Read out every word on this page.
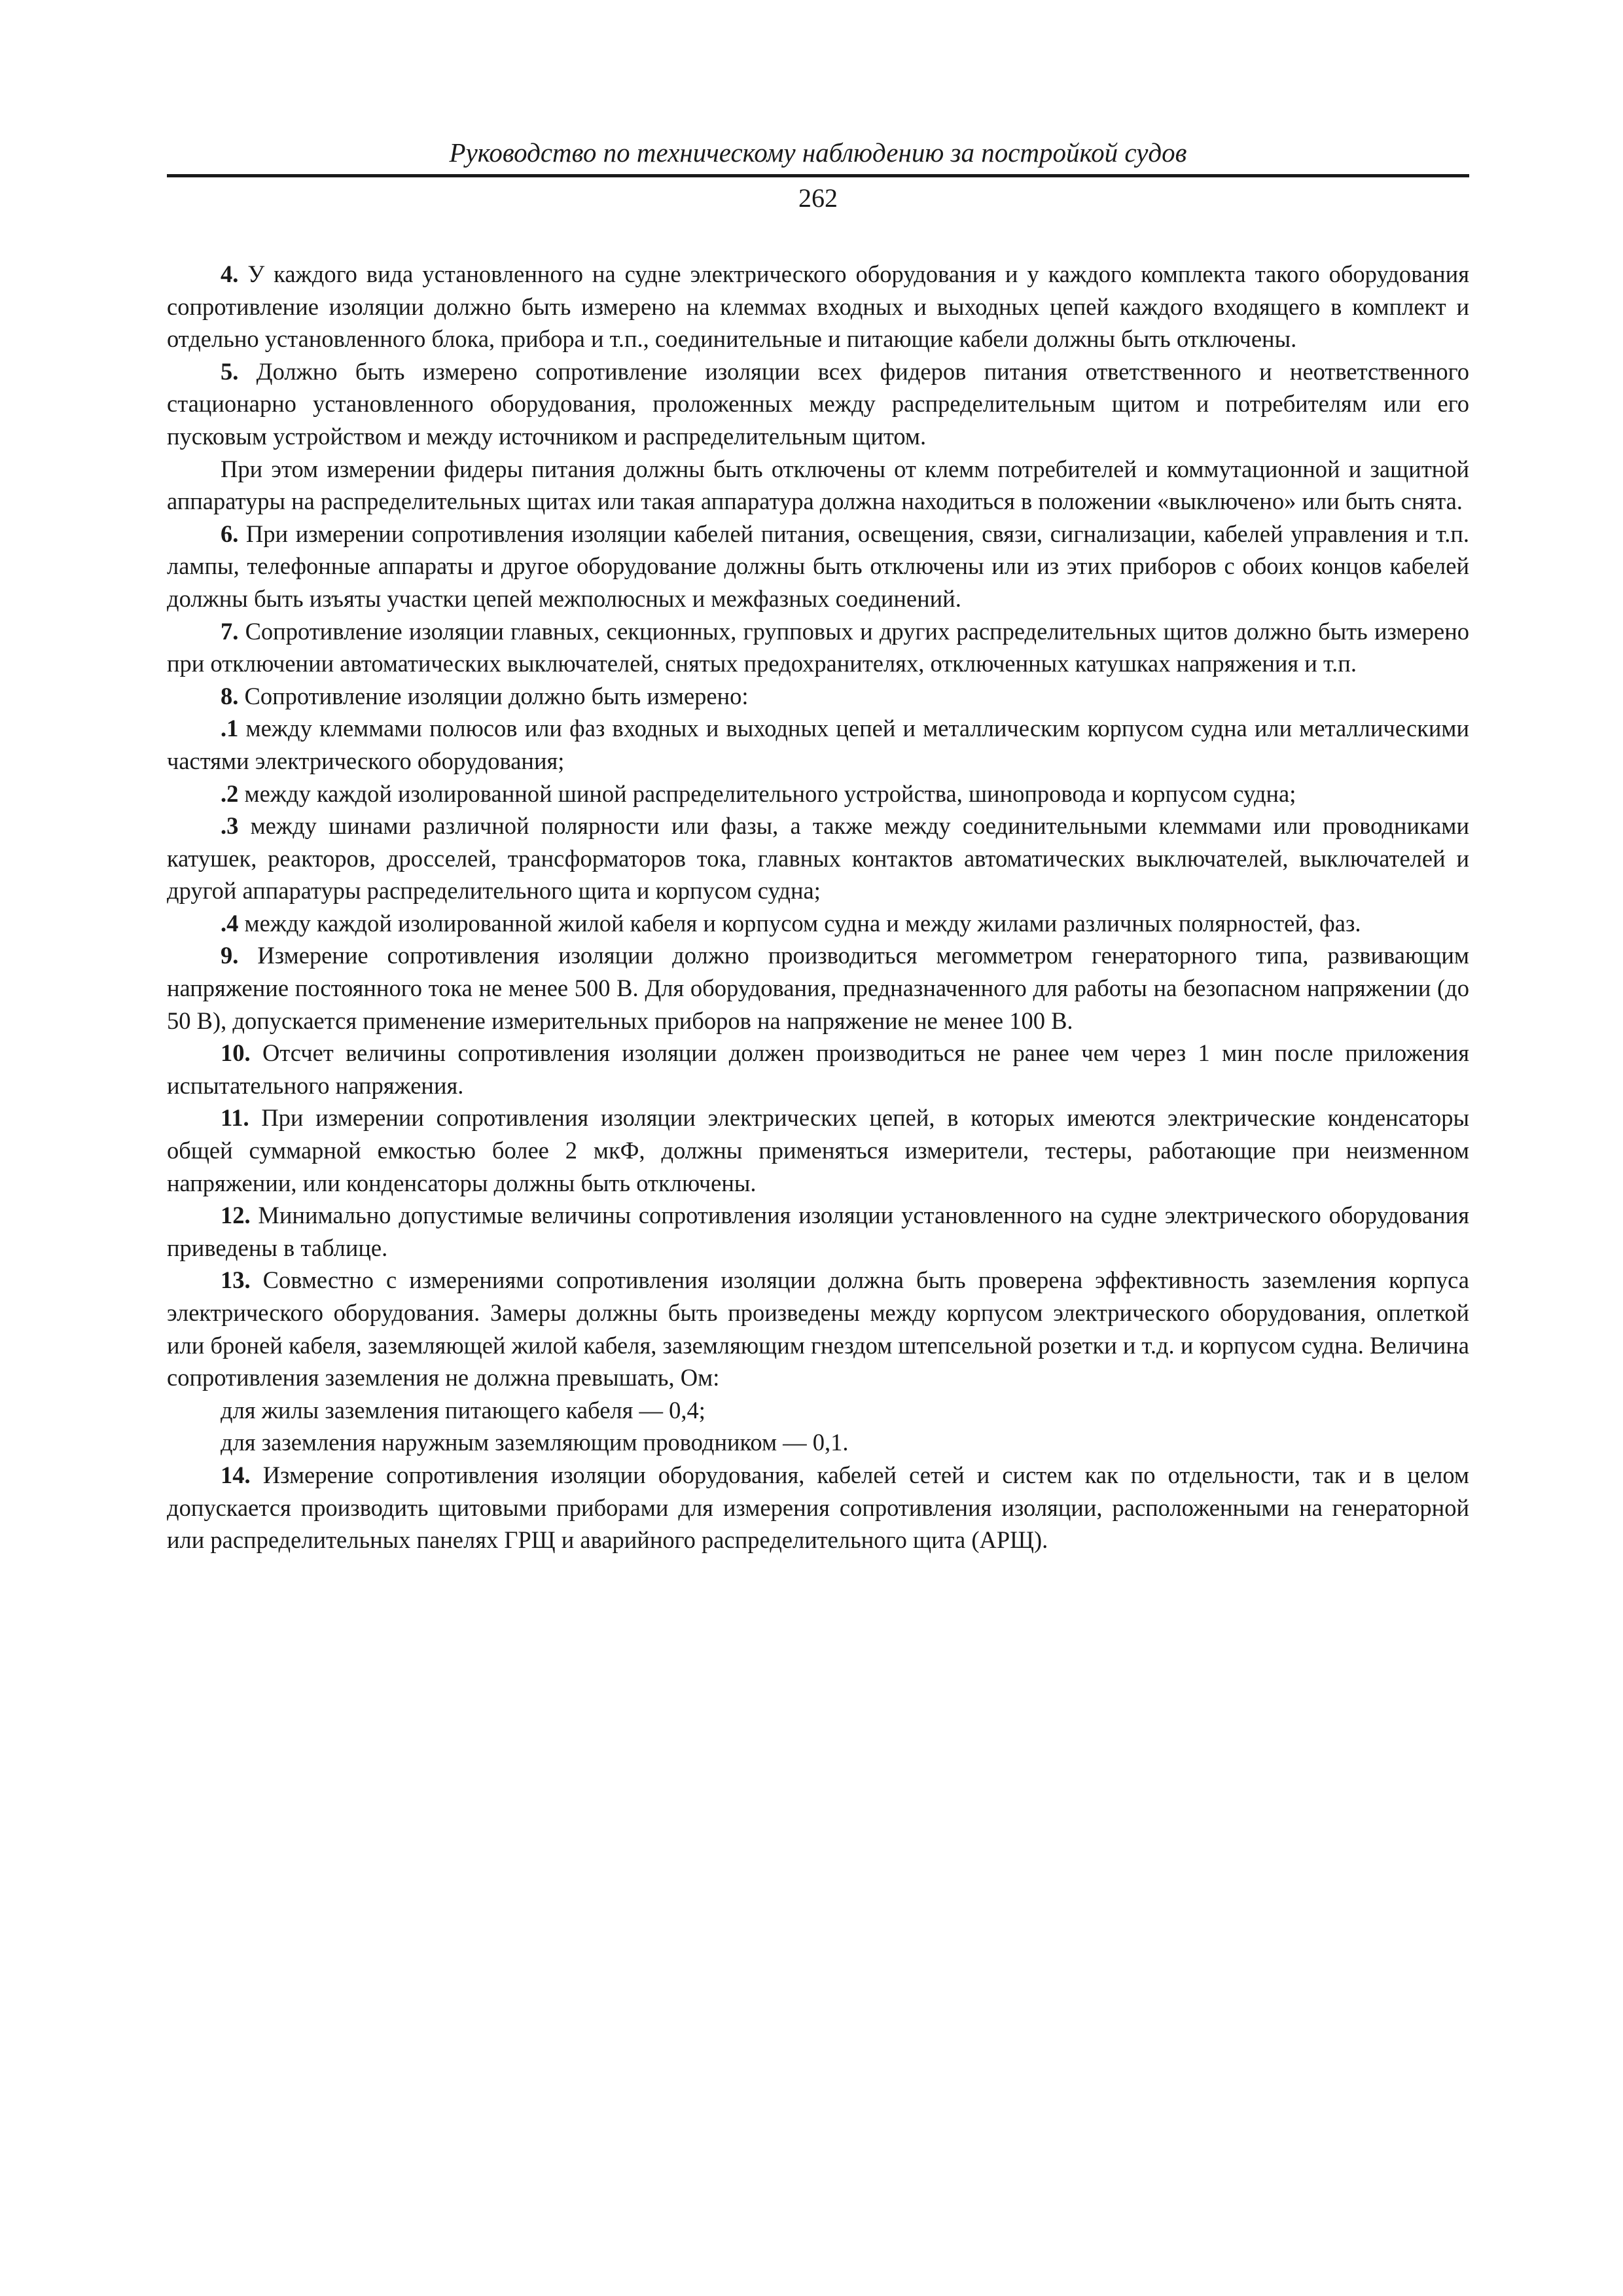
Руководство по техническому наблюдению за постройкой судов
262

4. У каждого вида установленного на судне электрического оборудования и у каждого комплекта такого оборудования сопротивление изоляции должно быть измерено на клеммах входных и выходных цепей каждого входящего в комплект и отдельно установленного блока, прибора и т.п., соединительные и питающие кабели должны быть отключены.

5. Должно быть измерено сопротивление изоляции всех фидеров питания ответственного и неответственного стационарно установленного оборудования, проложенных между распределительным щитом и потребителям или его пусковым устройством и между источником и распределительным щитом.

При этом измерении фидеры питания должны быть отключены от клемм потребителей и коммутационной и защитной аппаратуры на распределительных щитах или такая аппаратура должна находиться в положении «выключено» или быть снята.

6. При измерении сопротивления изоляции кабелей питания, освещения, связи, сигнализации, кабелей управления и т.п. лампы, телефонные аппараты и другое оборудование должны быть отключены или из этих приборов с обоих концов кабелей должны быть изъяты участки цепей межполюсных и межфазных соединений.

7. Сопротивление изоляции главных, секционных, групповых и других распределительных щитов должно быть измерено при отключении автоматических выключателей, снятых предохранителях, отключенных катушках напряжения и т.п.

8. Сопротивление изоляции должно быть измерено:

.1 между клеммами полюсов или фаз входных и выходных цепей и металлическим корпусом судна или металлическими частями электрического оборудования;

.2 между каждой изолированной шиной распределительного устройства, шинопровода и корпусом судна;

.3 между шинами различной полярности или фазы, а также между соединительными клеммами или проводниками катушек, реакторов, дросселей, трансформаторов тока, главных контактов автоматических выключателей, выключателей и другой аппаратуры распределительного щита и корпусом судна;

.4 между каждой изолированной жилой кабеля и корпусом судна и между жилами различных полярностей, фаз.

9. Измерение сопротивления изоляции должно производиться мегомметром генераторного типа, развивающим напряжение постоянного тока не менее 500 В. Для оборудования, предназначенного для работы на безопасном напряжении (до 50 В), допускается применение измерительных приборов на напряжение не менее 100 В.

10. Отсчет величины сопротивления изоляции должен производиться не ранее чем через 1 мин после приложения испытательного напряжения.

11. При измерении сопротивления изоляции электрических цепей, в которых имеются электрические конденсаторы общей суммарной емкостью более 2 мкФ, должны применяться измерители, тестеры, работающие при неизменном напряжении, или конденсаторы должны быть отключены.

12. Минимально допустимые величины сопротивления изоляции установленного на судне электрического оборудования приведены в таблице.

13. Совместно с измерениями сопротивления изоляции должна быть проверена эффективность заземления корпуса электрического оборудования. Замеры должны быть произведены между корпусом электрического оборудования, оплеткой или броней кабеля, заземляющей жилой кабеля, заземляющим гнездом штепсельной розетки и т.д. и корпусом судна. Величина сопротивления заземления не должна превышать, Ом:

для жилы заземления питающего кабеля — 0,4;

для заземления наружным заземляющим проводником — 0,1.

14. Измерение сопротивления изоляции оборудования, кабелей сетей и систем как по отдельности, так и в целом допускается производить щитовыми приборами для измерения сопротивления изоляции, расположенными на генераторной или распределительных панелях ГРЩ и аварийного распределительного щита (АРЩ).
